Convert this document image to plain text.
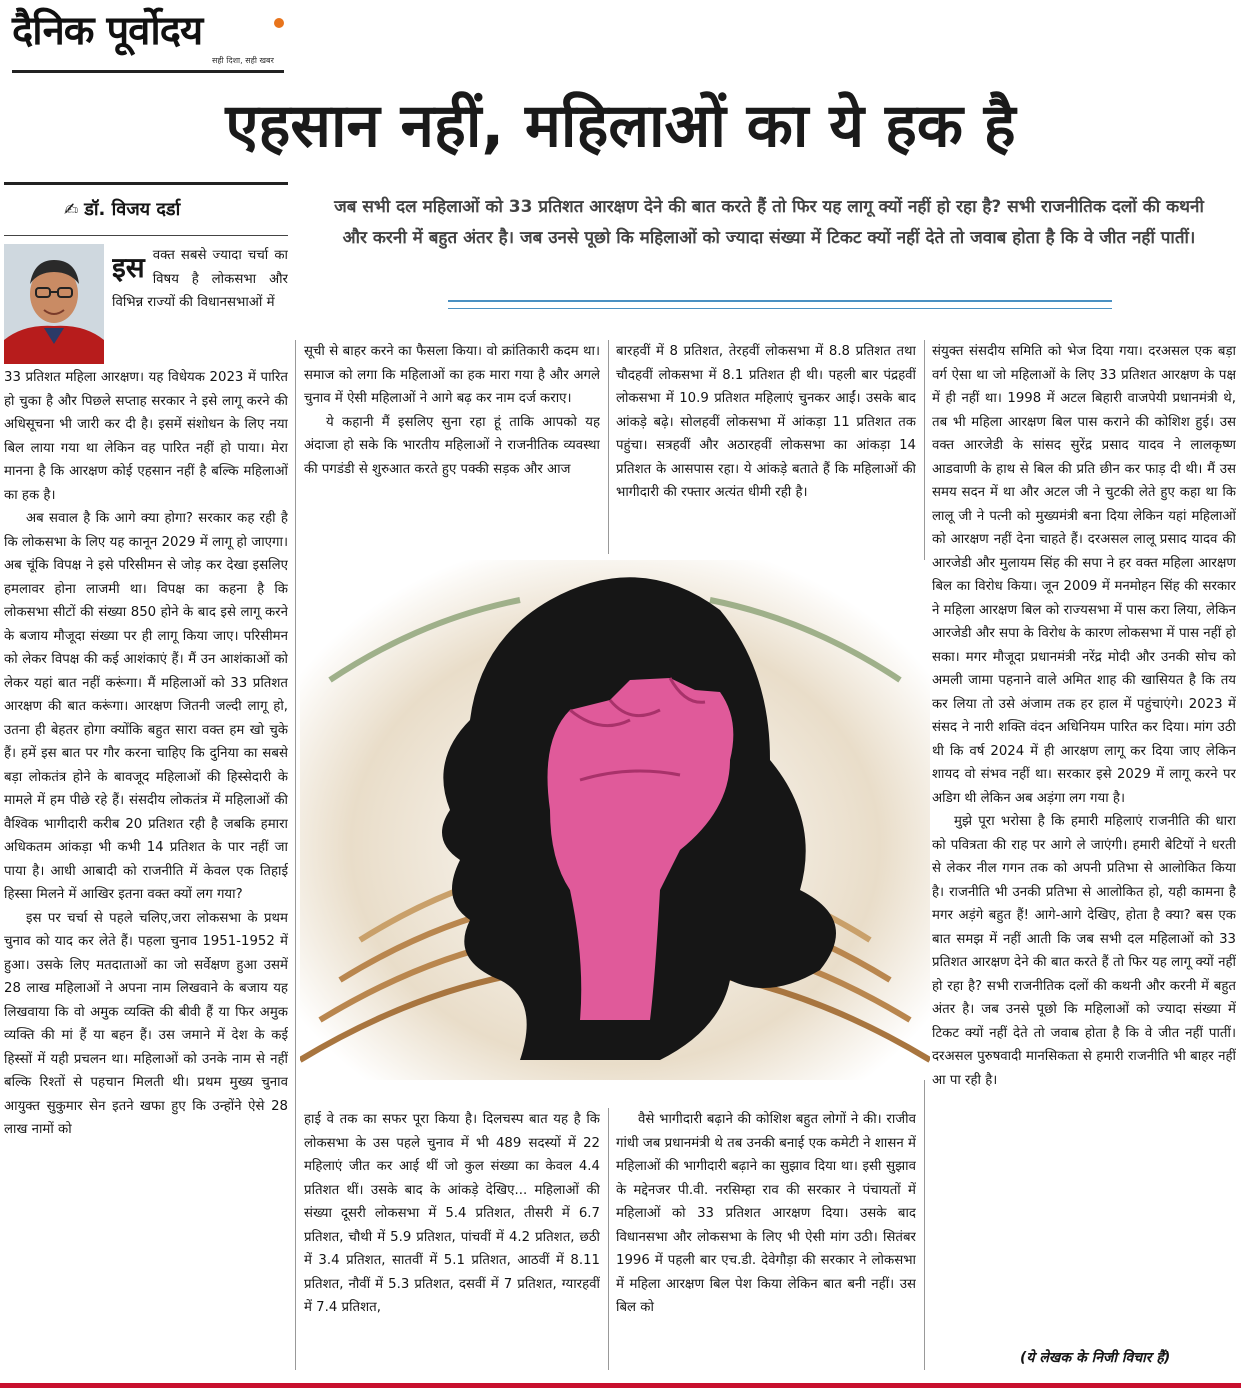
दैनिक पूर्वोदय
सही दिशा, सही खबर
एहसान नहीं, महिलाओं का ये हक है
✍ डॉ. विजय दर्डा	जब सभी दल महिलाओं को 33 प्रतिशत आरक्षण देने की बात करते हैं तो फिर यह लागू क्यों नहीं हो रहा है? सभी राजनीतिक दलों की कथनी और करनी में बहुत अंतर है। जब उनसे पूछो कि महिलाओं को ज्यादा संख्या में टिकट क्यों नहीं देते तो जवाब होता है कि वे जीत नहीं पातीं।
इस वक्त सबसे ज्यादा चर्चा का विषय है लोकसभा और विभिन्न राज्यों की विधानसभाओं में

33 प्रतिशत महिला आरक्षण। यह विधेयक 2023 में पारित हो चुका है और पिछले सप्ताह सरकार ने इसे लागू करने की अधिसूचना भी जारी कर दी है। इसमें संशोधन के लिए नया बिल लाया गया था लेकिन वह पारित नहीं हो पाया। मेरा मानना है कि आरक्षण कोई एहसान नहीं है बल्कि महिलाओं का हक है।

अब सवाल है कि आगे क्या होगा? सरकार कह रही है कि लोकसभा के लिए यह कानून 2029 में लागू हो जाएगा। अब चूंकि विपक्ष ने इसे परिसीमन से जोड़ कर देखा इसलिए हमलावर होना लाजमी था। विपक्ष का कहना है कि लोकसभा सीटों की संख्या 850 होने के बाद इसे लागू करने के बजाय मौजूदा संख्या पर ही लागू किया जाए। परिसीमन को लेकर विपक्ष की कई आशंकाएं हैं। मैं उन आशंकाओं को लेकर यहां बात नहीं करूंगा। मैं महिलाओं को 33 प्रतिशत आरक्षण की बात करूंगा। आरक्षण जितनी जल्दी लागू हो, उतना ही बेहतर होगा क्योंकि बहुत सारा वक्त हम खो चुके हैं। हमें इस बात पर गौर करना चाहिए कि दुनिया का सबसे बड़ा लोकतंत्र होने के बावजूद महिलाओं की हिस्सेदारी के मामले में हम पीछे रहे हैं। संसदीय लोकतंत्र में महिलाओं की वैश्विक भागीदारी करीब 20 प्रतिशत रही है जबकि हमारा अधिकतम आंकड़ा भी कभी 14 प्रतिशत के पार नहीं जा पाया है। आधी आबादी को राजनीति में केवल एक तिहाई हिस्सा मिलने में आखिर इतना वक्त क्यों लग गया?

इस पर चर्चा से पहले चलिए,जरा लोकसभा के प्रथम चुनाव को याद कर लेते हैं। पहला चुनाव 1951-1952 में हुआ। उसके लिए मतदाताओं का जो सर्वेक्षण हुआ उसमें 28 लाख महिलाओं ने अपना नाम लिखवाने के बजाय यह लिखवाया कि वो अमुक व्यक्ति की बीवी हैं या फिर अमुक व्यक्ति की मां हैं या बहन हैं। उस जमाने में देश के कई हिस्सों में यही प्रचलन था। महिलाओं को उनके नाम से नहीं बल्कि रिश्तों से पहचान मिलती थी। प्रथम मुख्य चुनाव आयुक्त सुकुमार सेन इतने खफा हुए कि उन्होंने ऐसे 28 लाख नामों को

सूची से बाहर करने का फैसला किया। वो क्रांतिकारी कदम था। समाज को लगा कि महिलाओं का हक मारा गया है और अगले चुनाव में ऐसी महिलाओं ने आगे बढ़ कर नाम दर्ज कराए।

ये कहानी मैं इसलिए सुना रहा हूं ताकि आपको यह अंदाजा हो सके कि भारतीय महिलाओं ने राजनीतिक व्यवस्था की पगडंडी से शुरुआत करते हुए पक्की सड़क और आज

हाई वे तक का सफर पूरा किया है। दिलचस्प बात यह है कि लोकसभा के उस पहले चुनाव में भी 489 सदस्यों में 22 महिलाएं जीत कर आई थीं जो कुल संख्या का केवल 4.4 प्रतिशत थीं। उसके बाद के आंकड़े देखिए... महिलाओं की संख्या दूसरी लोकसभा में 5.4 प्रतिशत, तीसरी में 6.7 प्रतिशत, चौथी में 5.9 प्रतिशत, पांचवीं में 4.2 प्रतिशत, छठी में 3.4 प्रतिशत, सातवीं में 5.1 प्रतिशत, आठवीं में 8.11 प्रतिशत, नौवीं में 5.3 प्रतिशत, दसवीं में 7 प्रतिशत, ग्यारहवीं में 7.4 प्रतिशत,

बारहवीं में 8 प्रतिशत, तेरहवीं लोकसभा में 8.8 प्रतिशत तथा चौदहवीं लोकसभा में 8.1 प्रतिशत ही थी। पहली बार पंद्रहवीं लोकसभा में 10.9 प्रतिशत महिलाएं चुनकर आईं। उसके बाद आंकड़े बढ़े। सोलहवीं लोकसभा में आंकड़ा 11 प्रतिशत तक पहुंचा। सत्रहवीं और अठारहवीं लोकसभा का आंकड़ा 14 प्रतिशत के आसपास रहा। ये आंकड़े बताते हैं कि महिलाओं की भागीदारी की रफ्तार अत्यंत धीमी रही है।

वैसे भागीदारी बढ़ाने की कोशिश बहुत लोगों ने की। राजीव गांधी जब प्रधानमंत्री थे तब उनकी बनाई एक कमेटी ने शासन में महिलाओं की भागीदारी बढ़ाने का सुझाव दिया था। इसी सुझाव के मद्देनजर पी.वी. नरसिम्हा राव की सरकार ने पंचायतों में महिलाओं को 33 प्रतिशत आरक्षण दिया। उसके बाद विधानसभा और लोकसभा के लिए भी ऐसी मांग उठी। सितंबर 1996 में पहली बार एच.डी. देवेगौड़ा की सरकार ने लोकसभा में महिला आरक्षण बिल पेश किया लेकिन बात बनी नहीं। उस बिल को

संयुक्त संसदीय समिति को भेज दिया गया। दरअसल एक बड़ा वर्ग ऐसा था जो महिलाओं के लिए 33 प्रतिशत आरक्षण के पक्ष में ही नहीं था। 1998 में अटल बिहारी वाजपेयी प्रधानमंत्री थे, तब भी महिला आरक्षण बिल पास कराने की कोशिश हुई। उस वक्त आरजेडी के सांसद सुरेंद्र प्रसाद यादव ने लालकृष्ण आडवाणी के हाथ से बिल की प्रति छीन कर फाड़ दी थी। मैं उस समय सदन में था और अटल जी ने चुटकी लेते हुए कहा था कि लालू जी ने पत्नी को मुख्यमंत्री बना दिया लेकिन यहां महिलाओं को आरक्षण नहीं देना चाहते हैं। दरअसल लालू प्रसाद यादव की आरजेडी और मुलायम सिंह की सपा ने हर वक्त महिला आरक्षण बिल का विरोध किया। जून 2009 में मनमोहन सिंह की सरकार ने महिला आरक्षण बिल को राज्यसभा में पास करा लिया, लेकिन आरजेडी और सपा के विरोध के कारण लोकसभा में पास नहीं हो सका। मगर मौजूदा प्रधानमंत्री नरेंद्र मोदी और उनकी सोच को अमली जामा पहनाने वाले अमित शाह की खासियत है कि तय कर लिया तो उसे अंजाम तक हर हाल में पहुंचाएंगे। 2023 में संसद ने नारी शक्ति वंदन अधिनियम पारित कर दिया। मांग उठी थी कि वर्ष 2024 में ही आरक्षण लागू कर दिया जाए लेकिन शायद वो संभव नहीं था। सरकार इसे 2029 में लागू करने पर अडिग थी लेकिन अब अड़ंगा लग गया है।

मुझे पूरा भरोसा है कि हमारी महिलाएं राजनीति की धारा को पवित्रता की राह पर आगे ले जाएंगी। हमारी बेटियों ने धरती से लेकर नील गगन तक को अपनी प्रतिभा से आलोकित किया है। राजनीति भी उनकी प्रतिभा से आलोकित हो, यही कामना है मगर अड़ंगे बहुत हैं! आगे-आगे देखिए, होता है क्या? बस एक बात समझ में नहीं आती कि जब सभी दल महिलाओं को 33 प्रतिशत आरक्षण देने की बात करते हैं तो फिर यह लागू क्यों नहीं हो रहा है? सभी राजनीतिक दलों की कथनी और करनी में बहुत अंतर है। जब उनसे पूछो कि महिलाओं को ज्यादा संख्या में टिकट क्यों नहीं देते तो जवाब होता है कि वे जीत नहीं पातीं। दरअसल पुरुषवादी मानसिकता से हमारी राजनीति भी बाहर नहीं आ पा रही है।

(ये लेखक के निजी विचार हैं)
